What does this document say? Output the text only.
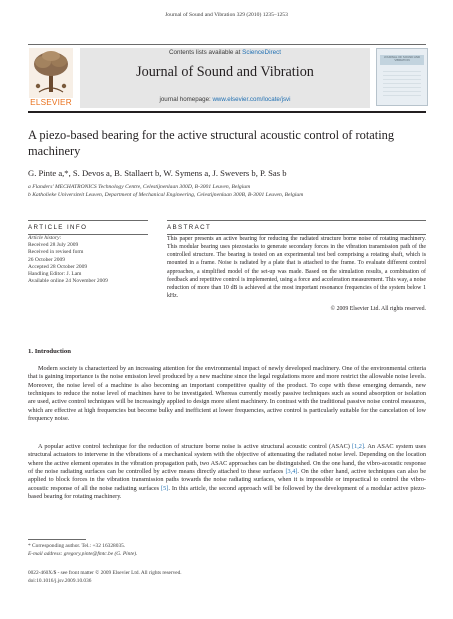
Journal of Sound and Vibration 329 (2010) 1235–1253
ELSEVIER
Contents lists available at ScienceDirect
Journal of Sound and Vibration
journal homepage: www.elsevier.com/locate/jsvi
JOURNAL OF SOUND AND VIBRATION
A piezo-based bearing for the active structural acoustic control of rotating machinery
G. Pinte a,*, S. Devos a, B. Stallaert b, W. Symens a, J. Swevers b, P. Sas b
a Flanders' MECHATRONICS Technology Centre, Celestijnenlaan 300D, B-3001 Leuven, Belgium
b Katholieke Universiteit Leuven, Department of Mechanical Engineering, Celestijnenlaan 300B, B-3001 Leuven, Belgium
ARTICLE INFO
Article history:
Received 28 July 2009
Received in revised form
26 October 2009
Accepted 28 October 2009
Handling Editor: J. Lam
Available online 24 November 2009
ABSTRACT
This paper presents an active bearing for reducing the radiated structure borne noise of rotating machinery. This modular bearing uses piezostacks to generate secondary forces in the vibration transmission path of the controlled structure. The bearing is tested on an experimental test bed comprising a rotating shaft, which is mounted in a frame. Noise is radiated by a plate that is attached to the frame. To evaluate different control approaches, a simplified model of the set-up was made. Based on the simulation results, a combination of feedback and repetitive control is implemented, using a force and acceleration measurement. This way, a noise reduction of more than 10 dB is achieved at the most important resonance frequencies of the system below 1 kHz.
© 2009 Elsevier Ltd. All rights reserved.
1. Introduction
Modern society is characterized by an increasing attention for the environmental impact of newly developed machinery. One of the environmental criteria that is gaining importance is the noise emission level produced by a new machine since the legal regulations more and more restrict the allowable noise levels. Moreover, the noise level of a machine is also becoming an important competitive quality of the product. To cope with these emerging demands, new techniques to reduce the noise level of machines have to be investigated. Whereas currently mostly passive techniques such as sound absorption or isolation are used, active control techniques will be increasingly applied to design more silent machinery. In contrast with the traditional passive noise control measures, which are effective at high frequencies but become bulky and inefficient at lower frequencies, active control is particularly suitable for the cancelation of low frequency noise.
A popular active control technique for the reduction of structure borne noise is active structural acoustic control (ASAC) [1,2]. An ASAC system uses structural actuators to intervene in the vibrations of a mechanical system with the objective of attenuating the radiated noise level. Depending on the location where the active element operates in the vibration propagation path, two ASAC approaches can be distinguished. On the one hand, the vibro-acoustic response of the noise radiating surfaces can be controlled by active means directly attached to these surfaces [3,4]. On the other hand, active techniques can also be applied to block forces in the vibration transmission paths towards the noise radiating surfaces, when it is impossible or impractical to control the vibro-acoustic response of all the noise radiating surfaces [5]. In this article, the second approach will be followed by the development of a modular active piezo-based bearing for rotating machinery.
* Corresponding author. Tel.: +32 16328035.
E-mail address: gregory.pinte@fmtc.be (G. Pinte).
0022-460X/$ - see front matter © 2009 Elsevier Ltd. All rights reserved.
doi:10.1016/j.jsv.2009.10.036
